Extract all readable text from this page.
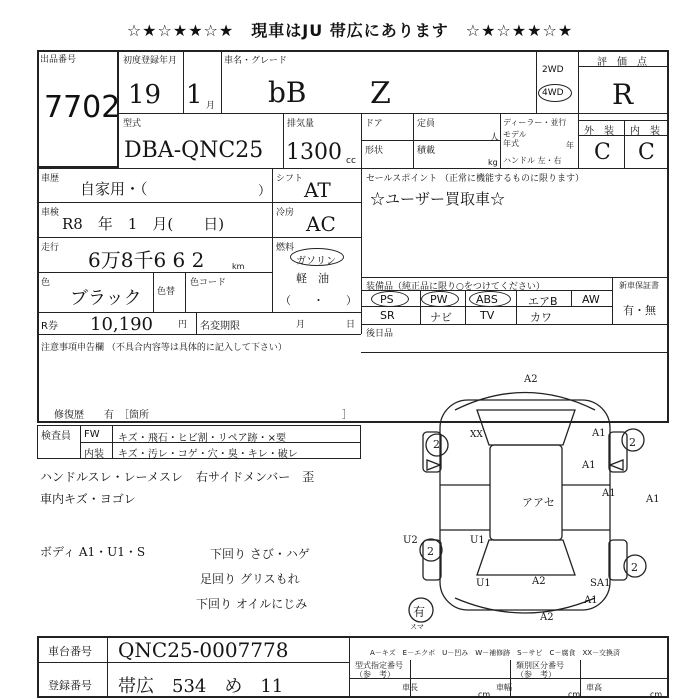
☆★☆★★☆★　現車はJU 帯広にあります　☆★☆★★☆★
出品番号
7702
初度登録年月
19 1 月
車名・グレード
bB Z
2WD
4WD
評　価　点
R
型式
DBA-QNC25
排気量
1300 cc
ドア	定員
人
ディーラー・並行
モデル
年式	年
形状	積載
kg ハンドル 左・右
外　装 内　装
C C
車歴
自家用・（	）
シフト AT
車検
R8　年　1　月(　　日)
冷房 AC
走行 6万8千6 6 2	km
燃料
ガソリン
軽　油
（　　・　　）
色
ブラック 色替
色コード
R券 10,190	円 名変期限	月	日
注意事項申告欄 （不具合内容等は具体的に記入して下さい）
修復歴　　有　［箇所	］
セールスポイント （正常に機能するものに限ります）
☆ユーザー買取車☆
装備品（純正品に限り○をつけてください）	新車保証書
有・無
PS	PW	ABS	エアB AW
SR	ナビ	TV	カワ
後日品
検査員 FW キズ・飛石・ヒビ割・リペア跡・×要
内装 キズ・汚レ・コゲ・穴・臭・キレ・破レ
ハンドルスレ・レーメスレ
車内キズ・ヨゴレ
ボディ A1・U1・S
右サイドメンバー　歪
下回り さび・ハゲ
足回り グリスもれ
下回り オイルにじみ
A2
A1
2
A1
XX
2
A1
アアセ	A1
U2	U1
2
U1	A2	SA1
2
A1
A2
有
スマ
A－キズ　E－エクボ　U－凹み　W－補修跡　S－サビ　C－腐食　XX－交換済
車台番号 QNC25-0007778
登録番号 帯広　534　め　11
型式指定番号
（参　考）
類別区分番号
（参　考）
車長
cm
車幅
cm
車高
cm
